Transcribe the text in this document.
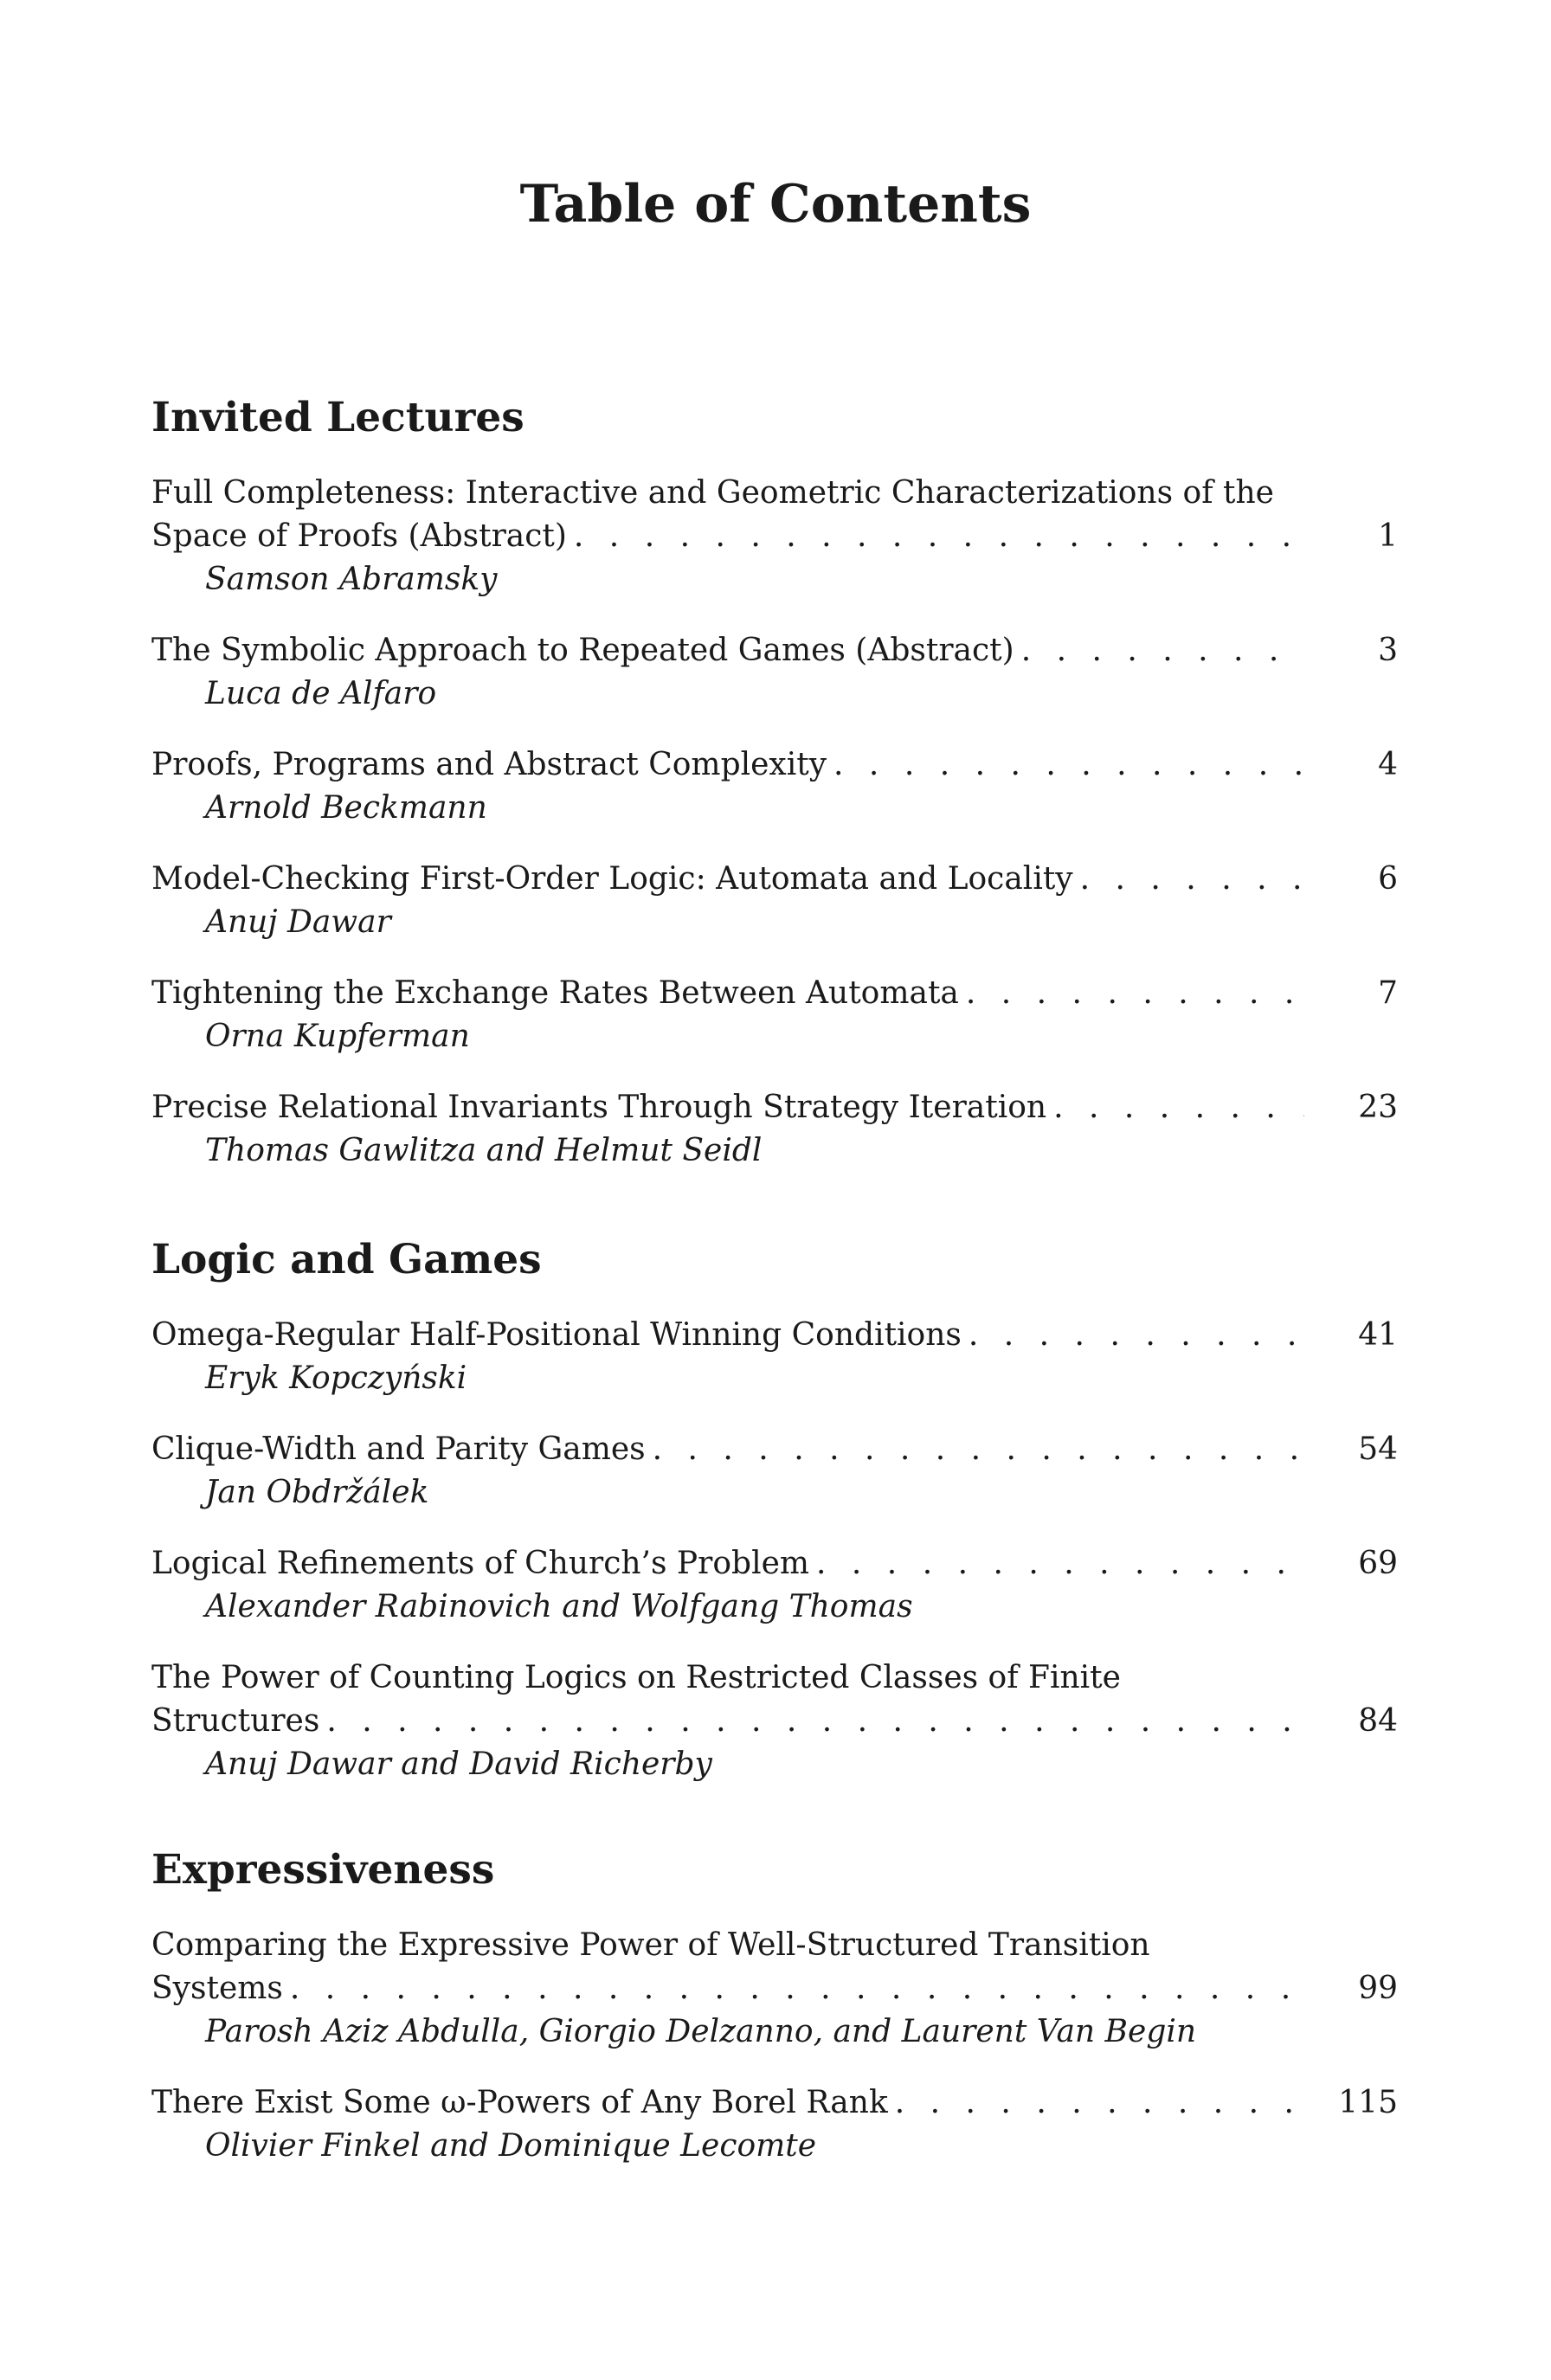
Table of Contents
Invited Lectures
Full Completeness: Interactive and Geometric Characterizations of the
Space of Proofs (Abstract) . . .	1
Samson Abramsky
The Symbolic Approach to Repeated Games (Abstract) . . .	3
Luca de Alfaro
Proofs, Programs and Abstract Complexity . . .	4
Arnold Beckmann
Model-Checking First-Order Logic: Automata and Locality . . .	6
Anuj Dawar
Tightening the Exchange Rates Between Automata . . .	7
Orna Kupferman
Precise Relational Invariants Through Strategy Iteration . . .	23
Thomas Gawlitza and Helmut Seidl
Logic and Games
Omega-Regular Half-Positional Winning Conditions . . .	41
Eryk Kopczyński
Clique-Width and Parity Games . . .	54
Jan Obdržálek
Logical Refinements of Church’s Problem . . .	69
Alexander Rabinovich and Wolfgang Thomas
The Power of Counting Logics on Restricted Classes of Finite
Structures . . .	84
Anuj Dawar and David Richerby
Expressiveness
Comparing the Expressive Power of Well-Structured Transition
Systems . . .	99
Parosh Aziz Abdulla, Giorgio Delzanno, and Laurent Van Begin
There Exist Some ω-Powers of Any Borel Rank . . .	115
Olivier Finkel and Dominique Lecomte
